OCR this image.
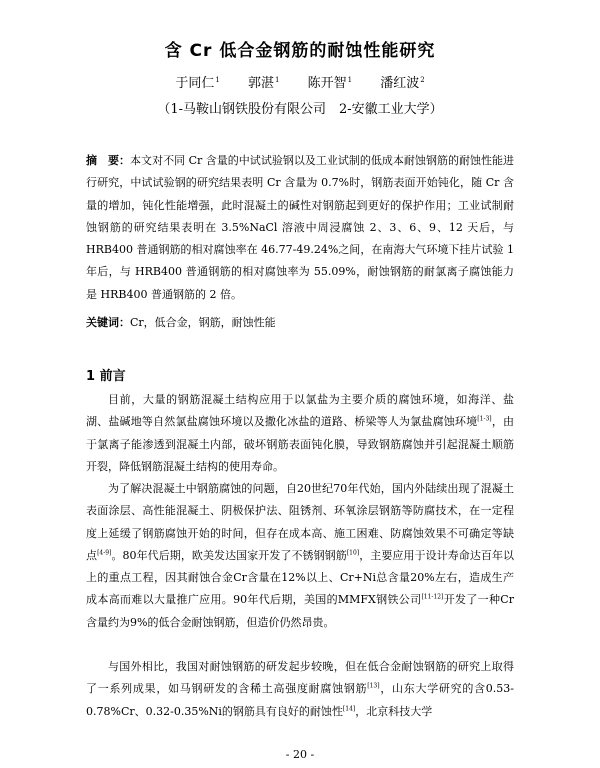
含 Cr 低合金钢筋的耐蚀性能研究
于同仁$^1$ 郭湛$^1$ 陈开智$^1$ 潘红波$^2$
（1-马鞍山钢铁股份有限公司　2-安徽工业大学）
摘　要：本文对不同 Cr 含量的中试试验钢以及工业试制的低成本耐蚀钢筋的耐蚀性能进行研究，中试试验钢的研究结果表明 Cr 含量为 0.7%时，钢筋表面开始钝化，随 Cr 含量的增加，钝化性能增强，此时混凝土的碱性对钢筋起到更好的保护作用；工业试制耐蚀钢筋的研究结果表明在 3.5%NaCl 溶液中周浸腐蚀 2、3、6、9、12 天后，与 HRB400 普通钢筋的相对腐蚀率在 46.77-49.24%之间，在南海大气环境下挂片试验 1 年后，与 HRB400 普通钢筋的相对腐蚀率为 55.09%，耐蚀钢筋的耐氯离子腐蚀能力是 HRB400 普通钢筋的 2 倍。
关键词：Cr，低合金，钢筋，耐蚀性能
1 前言

目前，大量的钢筋混凝土结构应用于以氯盐为主要介质的腐蚀环境，如海洋、盐湖、盐碱地等自然氯盐腐蚀环境以及撒化冰盐的道路、桥梁等人为氯盐腐蚀环境[1-3]，由于氯离子能渗透到混凝土内部，破坏钢筋表面钝化膜，导致钢筋腐蚀并引起混凝土顺筋开裂，降低钢筋混凝土结构的使用寿命。

为了解决混凝土中钢筋腐蚀的问题，自20世纪70年代始，国内外陆续出现了混凝土表面涂层、高性能混凝土、阴极保护法、阻锈剂、环氧涂层钢筋等防腐技术，在一定程度上延缓了钢筋腐蚀开始的时间，但存在成本高、施工困难、防腐蚀效果不可确定等缺点[4-9]。80年代后期，欧美发达国家开发了不锈钢钢筋[10]，主要应用于设计寿命达百年以上的重点工程，因其耐蚀合金Cr含量在12%以上、Cr+Ni总含量20%左右，造成生产成本高而难以大量推广应用。90年代后期，美国的MMFX钢铁公司[11-12]开发了一种Cr含量约为9%的低合金耐蚀钢筋，但造价仍然昂贵。

与国外相比，我国对耐蚀钢筋的研发起步较晚，但在低合金耐蚀钢筋的研究上取得了一系列成果，如马钢研发的含稀土高强度耐腐蚀钢筋[13]，山东大学研究的含0.53-0.78%Cr、0.32-0.35%Ni的钢筋具有良好的耐蚀性[14]，北京科技大学

- 20 -
